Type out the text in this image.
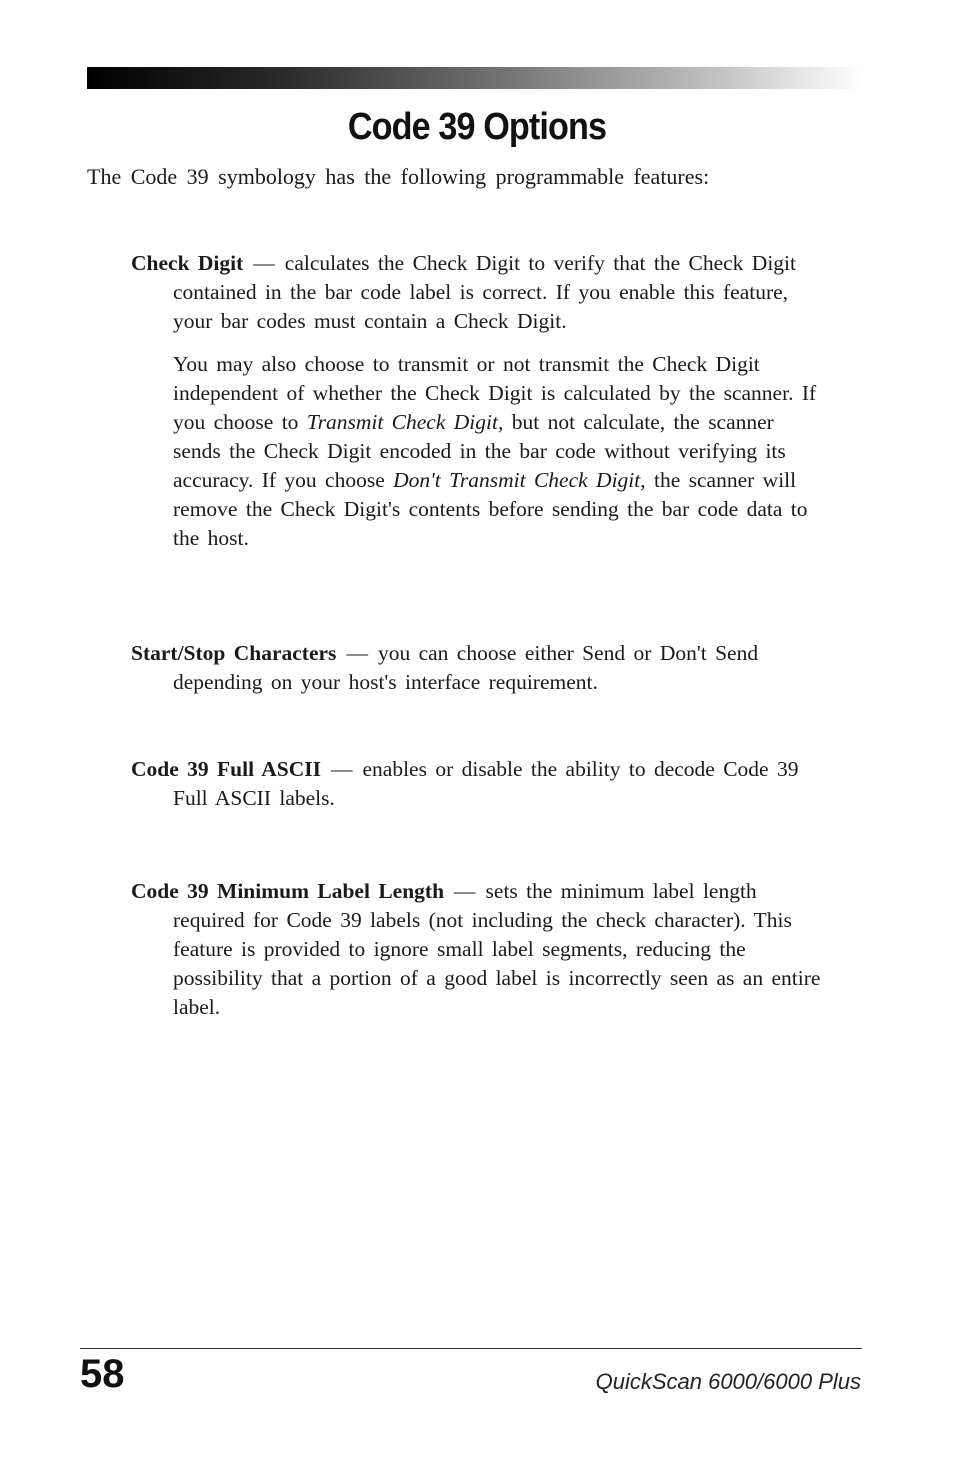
Code 39 Options
The Code 39 symbology has the following programmable features:

Check Digit — calculates the Check Digit to verify that the Check Digit contained in the bar code label is correct. If you enable this feature, your bar codes must contain a Check Digit.

You may also choose to transmit or not transmit the Check Digit independent of whether the Check Digit is calculated by the scanner. If you choose to Transmit Check Digit, but not calculate, the scanner sends the Check Digit encoded in the bar code without verifying its accuracy. If you choose Don't Transmit Check Digit, the scanner will remove the Check Digit's contents before sending the bar code data to the host.

Start/Stop Characters — you can choose either Send or Don't Send depending on your host's interface requirement.

Code 39 Full ASCII — enables or disable the ability to decode Code 39 Full ASCII labels.

Code 39 Minimum Label Length — sets the minimum label length required for Code 39 labels (not including the check character). This feature is provided to ignore small label segments, reducing the possibility that a portion of a good label is incorrectly seen as an entire label.

58	QuickScan 6000/6000 Plus
